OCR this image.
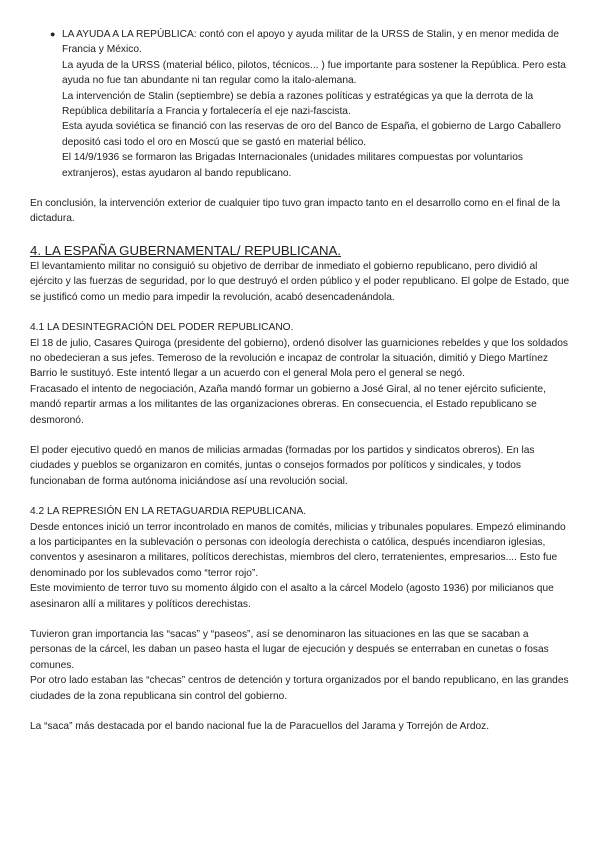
● LA AYUDA A LA REPÚBLICA: contó con el apoyo y ayuda militar de la URSS de Stalin, y en menor medida de Francia y México.

La ayuda de la URSS (material bélico, pilotos, técnicos... ) fue importante para sostener la República. Pero esta ayuda no fue tan abundante ni tan regular como la italo-alemana.

La intervención de Stalin (septiembre) se debía a razones políticas y estratégicas ya que la derrota de la República debilitaría a Francia y fortalecería el eje nazi-fascista.

Esta ayuda soviética se financió con las reservas de oro del Banco de España, el gobierno de Largo Caballero depositó casi todo el oro en Moscú que se gastó en material bélico.

El 14/9/1936 se formaron las Brigadas Internacionales (unidades militares compuestas por voluntarios extranjeros), estas ayudaron al bando republicano.

En conclusión, la intervención exterior de cualquier tipo tuvo gran impacto tanto en el desarrollo como en el final de la dictadura.

4. LA ESPAÑA GUBERNAMENTAL/ REPUBLICANA.

El levantamiento militar no consiguió su objetivo de derribar de inmediato el gobierno republicano, pero dividió al ejército y las fuerzas de seguridad, por lo que destruyó el orden público y el poder republicano. El golpe de Estado, que se justificó como un medio para impedir la revolución, acabó desencadenándola.

4.1 LA DESINTEGRACIÓN DEL PODER REPUBLICANO.

El 18 de julio, Casares Quiroga (presidente del gobierno), ordenó disolver las guarniciones rebeldes y que los soldados no obedecieran a sus jefes. Temeroso de la revolución e incapaz de controlar la situación, dimitió y Diego Martínez Barrio le sustituyó. Este intentó llegar a un acuerdo con el general Mola pero el general se negó.

Fracasado el intento de negociación, Azaña mandó formar un gobierno a José Giral, al no tener ejército suficiente, mandó repartir armas a los militantes de las organizaciones obreras. En consecuencia, el Estado republicano se desmoronó.

El poder ejecutivo quedó en manos de milicias armadas (formadas por los partidos y sindicatos obreros). En las ciudades y pueblos se organizaron en comités, juntas o consejos formados por políticos y sindicales, y todos funcionaban de forma autónoma iniciándose así una revolución social.

4.2 LA REPRESIÓN EN LA RETAGUARDIA REPUBLICANA.

Desde entonces inició un terror incontrolado en manos de comités, milicias y tribunales populares. Empezó eliminando a los participantes en la sublevación o personas con ideología derechista o católica, después incendiaron iglesias, conventos y asesinaron a militares, políticos derechistas, miembros del clero, terratenientes, empresarios.... Esto fue denominado por los sublevados como “terror rojo”.

Este movimiento de terror tuvo su momento álgido con el asalto a la cárcel Modelo (agosto 1936) por milicianos que asesinaron allí a militares y políticos derechistas.

Tuvieron gran importancia las “sacas” y “paseos”, así se denominaron las situaciones en las que se sacaban a personas de la cárcel, les daban un paseo hasta el lugar de ejecución y después se enterraban en cunetas o fosas comunes.

Por otro lado estaban las “checas” centros de detención y tortura organizados por el bando republicano, en las grandes ciudades de la zona republicana sin control del gobierno.

La “saca” más destacada por el bando nacional fue la de Paracuellos del Jarama y Torrejón de Ardoz.
